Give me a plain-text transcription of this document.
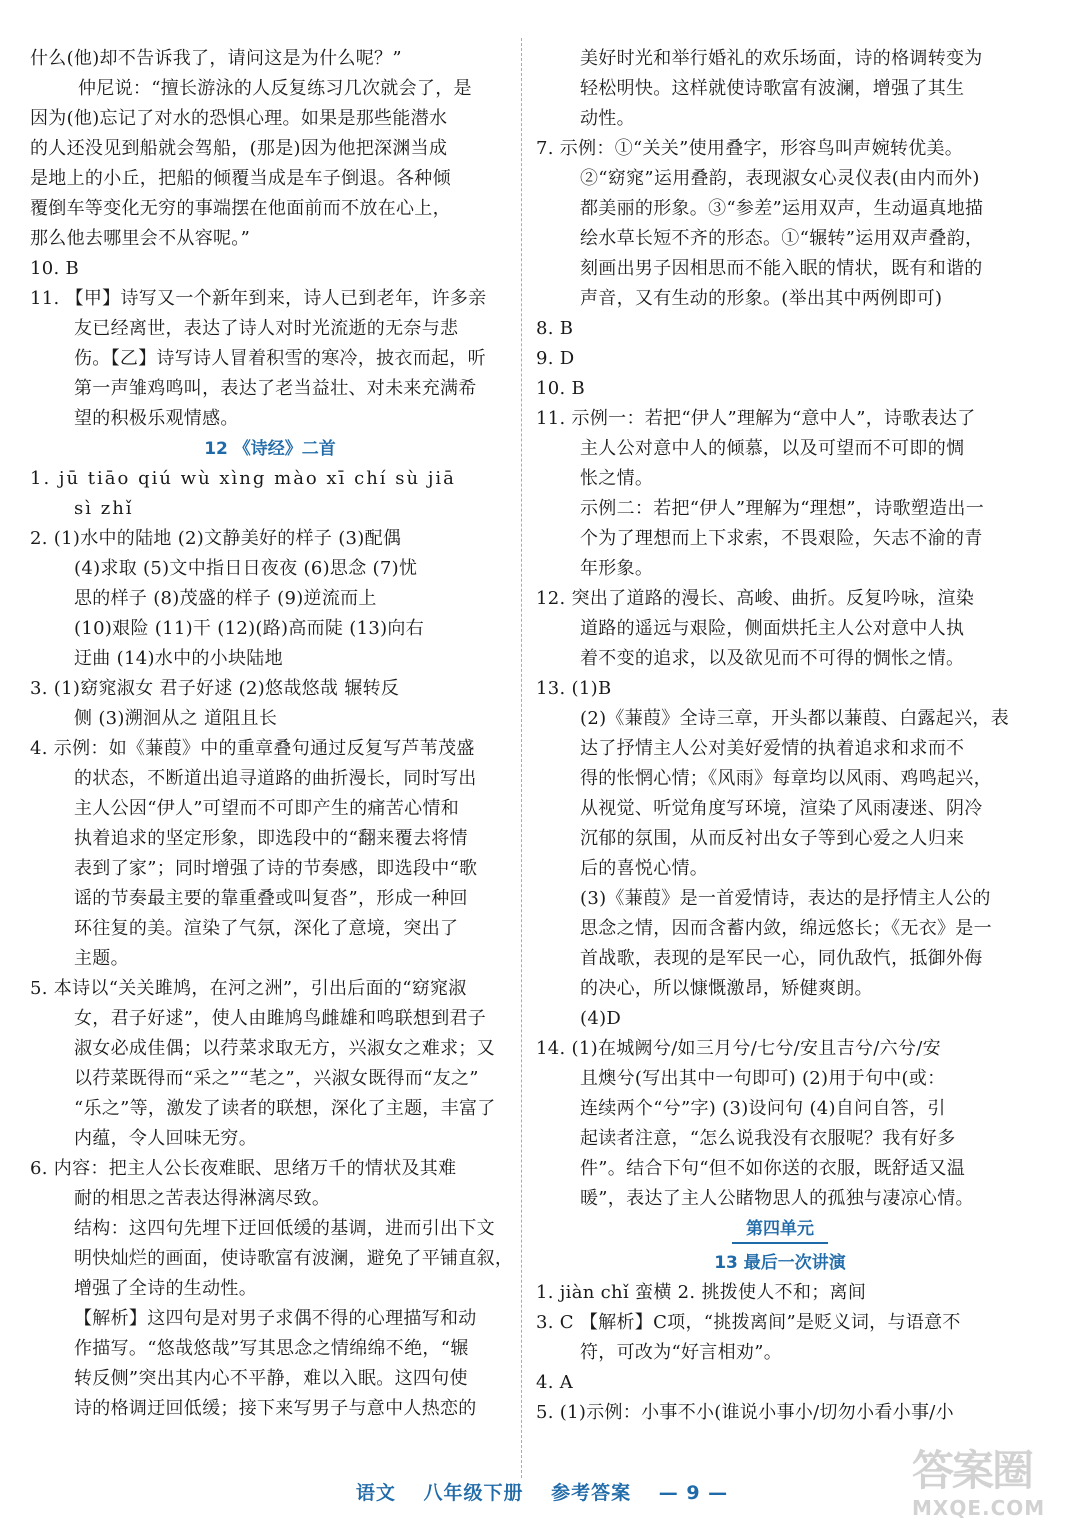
什么(他)却不告诉我了，请问这是为什么呢？”
仲尼说：“擅长游泳的人反复练习几次就会了，是
因为(他)忘记了对水的恐惧心理。如果是那些能潜水
的人还没见到船就会驾船，(那是)因为他把深渊当成
是地上的小丘，把船的倾覆当成是车子倒退。各种倾
覆倒车等变化无穷的事端摆在他面前而不放在心上，
那么他去哪里会不从容呢。”
10. B
11. 【甲】诗写又一个新年到来，诗人已到老年，许多亲
友已经离世，表达了诗人对时光流逝的无奈与悲
伤。【乙】诗写诗人冒着积雪的寒冷，披衣而起，听
第一声雏鸡鸣叫，表达了老当益壮、对未来充满希
望的积极乐观情感。
12 《诗经》二首
1. jū tiāo qiú wù xìng mào xī chí sù jiā
sì zhǐ
2. (1)水中的陆地 (2)文静美好的样子 (3)配偶
(4)求取 (5)文中指日日夜夜 (6)思念 (7)忧
思的样子 (8)茂盛的样子 (9)逆流而上
(10)艰险 (11)干 (12)(路)高而陡 (13)向右
迂曲 (14)水中的小块陆地
3. (1)窈窕淑女 君子好逑 (2)悠哉悠哉 辗转反
侧 (3)溯洄从之 道阻且长
4. 示例：如《蒹葭》中的重章叠句通过反复写芦苇茂盛
的状态，不断道出追寻道路的曲折漫长，同时写出
主人公因“伊人”可望而不可即产生的痛苦心情和
执着追求的坚定形象，即选段中的“翻来覆去将情
表到了家”；同时增强了诗的节奏感，即选段中“歌
谣的节奏最主要的靠重叠或叫复沓”，形成一种回
环往复的美。渲染了气氛，深化了意境，突出了
主题。
5. 本诗以“关关雎鸠，在河之洲”，引出后面的“窈窕淑
女，君子好逑”，使人由雎鸠鸟雌雄和鸣联想到君子
淑女必成佳偶；以荇菜求取无方，兴淑女之难求；又
以荇菜既得而“采之”“芼之”，兴淑女既得而“友之”
“乐之”等，激发了读者的联想，深化了主题，丰富了
内蕴，令人回味无穷。
6. 内容：把主人公长夜难眠、思绪万千的情状及其难
耐的相思之苦表达得淋漓尽致。
结构：这四句先埋下迂回低缓的基调，进而引出下文
明快灿烂的画面，使诗歌富有波澜，避免了平铺直叙，
增强了全诗的生动性。
【解析】这四句是对男子求偶不得的心理描写和动
作描写。“悠哉悠哉”写其思念之情绵绵不绝，“辗
转反侧”突出其内心不平静，难以入眠。这四句使
诗的格调迂回低缓；接下来写男子与意中人热恋的
美好时光和举行婚礼的欢乐场面，诗的格调转变为
轻松明快。这样就使诗歌富有波澜，增强了其生
动性。
7. 示例：①“关关”使用叠字，形容鸟叫声婉转优美。
②“窈窕”运用叠韵，表现淑女心灵仪表(由内而外)
都美丽的形象。③“参差”运用双声，生动逼真地描
绘水草长短不齐的形态。①“辗转”运用双声叠韵，
刻画出男子因相思而不能入眠的情状，既有和谐的
声音，又有生动的形象。(举出其中两例即可)
8. B
9. D
10. B
11. 示例一：若把“伊人”理解为“意中人”，诗歌表达了
主人公对意中人的倾慕，以及可望而不可即的惆
怅之情。
示例二：若把“伊人”理解为“理想”，诗歌塑造出一
个为了理想而上下求索，不畏艰险，矢志不渝的青
年形象。
12. 突出了道路的漫长、高峻、曲折。反复吟咏，渲染
道路的遥远与艰险，侧面烘托主人公对意中人执
着不变的追求，以及欲见而不可得的惆怅之情。
13. (1)B
(2)《蒹葭》全诗三章，开头都以蒹葭、白露起兴，表
达了抒情主人公对美好爱情的执着追求和求而不
得的怅惘心情；《风雨》每章均以风雨、鸡鸣起兴，
从视觉、听觉角度写环境，渲染了风雨凄迷、阴冷
沉郁的氛围，从而反衬出女子等到心爱之人归来
后的喜悦心情。
(3)《蒹葭》是一首爱情诗，表达的是抒情主人公的
思念之情，因而含蓄内敛，绵远悠长；《无衣》是一
首战歌，表现的是军民一心，同仇敌忾，抵御外侮
的决心，所以慷慨激昂，矫健爽朗。
(4)D
14. (1)在城阙兮/如三月兮/七兮/安且吉兮/六兮/安
且燠兮(写出其中一句即可) (2)用于句中(或：
连续两个“兮”字) (3)设问句 (4)自问自答，引
起读者注意，“怎么说我没有衣服呢？我有好多
件”。结合下句“但不如你送的衣服，既舒适又温
暖”，表达了主人公睹物思人的孤独与凄凉心情。
第四单元
13 最后一次讲演
1. jiàn chǐ 蛮横 2. 挑拨使人不和；离间
3. C 【解析】C项，“挑拨离间”是贬义词，与语意不
符，可改为“好言相劝”。
4. A
5. (1)示例：小事不小(谁说小事小/切勿小看小事/小
语文 八年级下册 参考答案 — 9 —	答案圈
MXQE.COM
